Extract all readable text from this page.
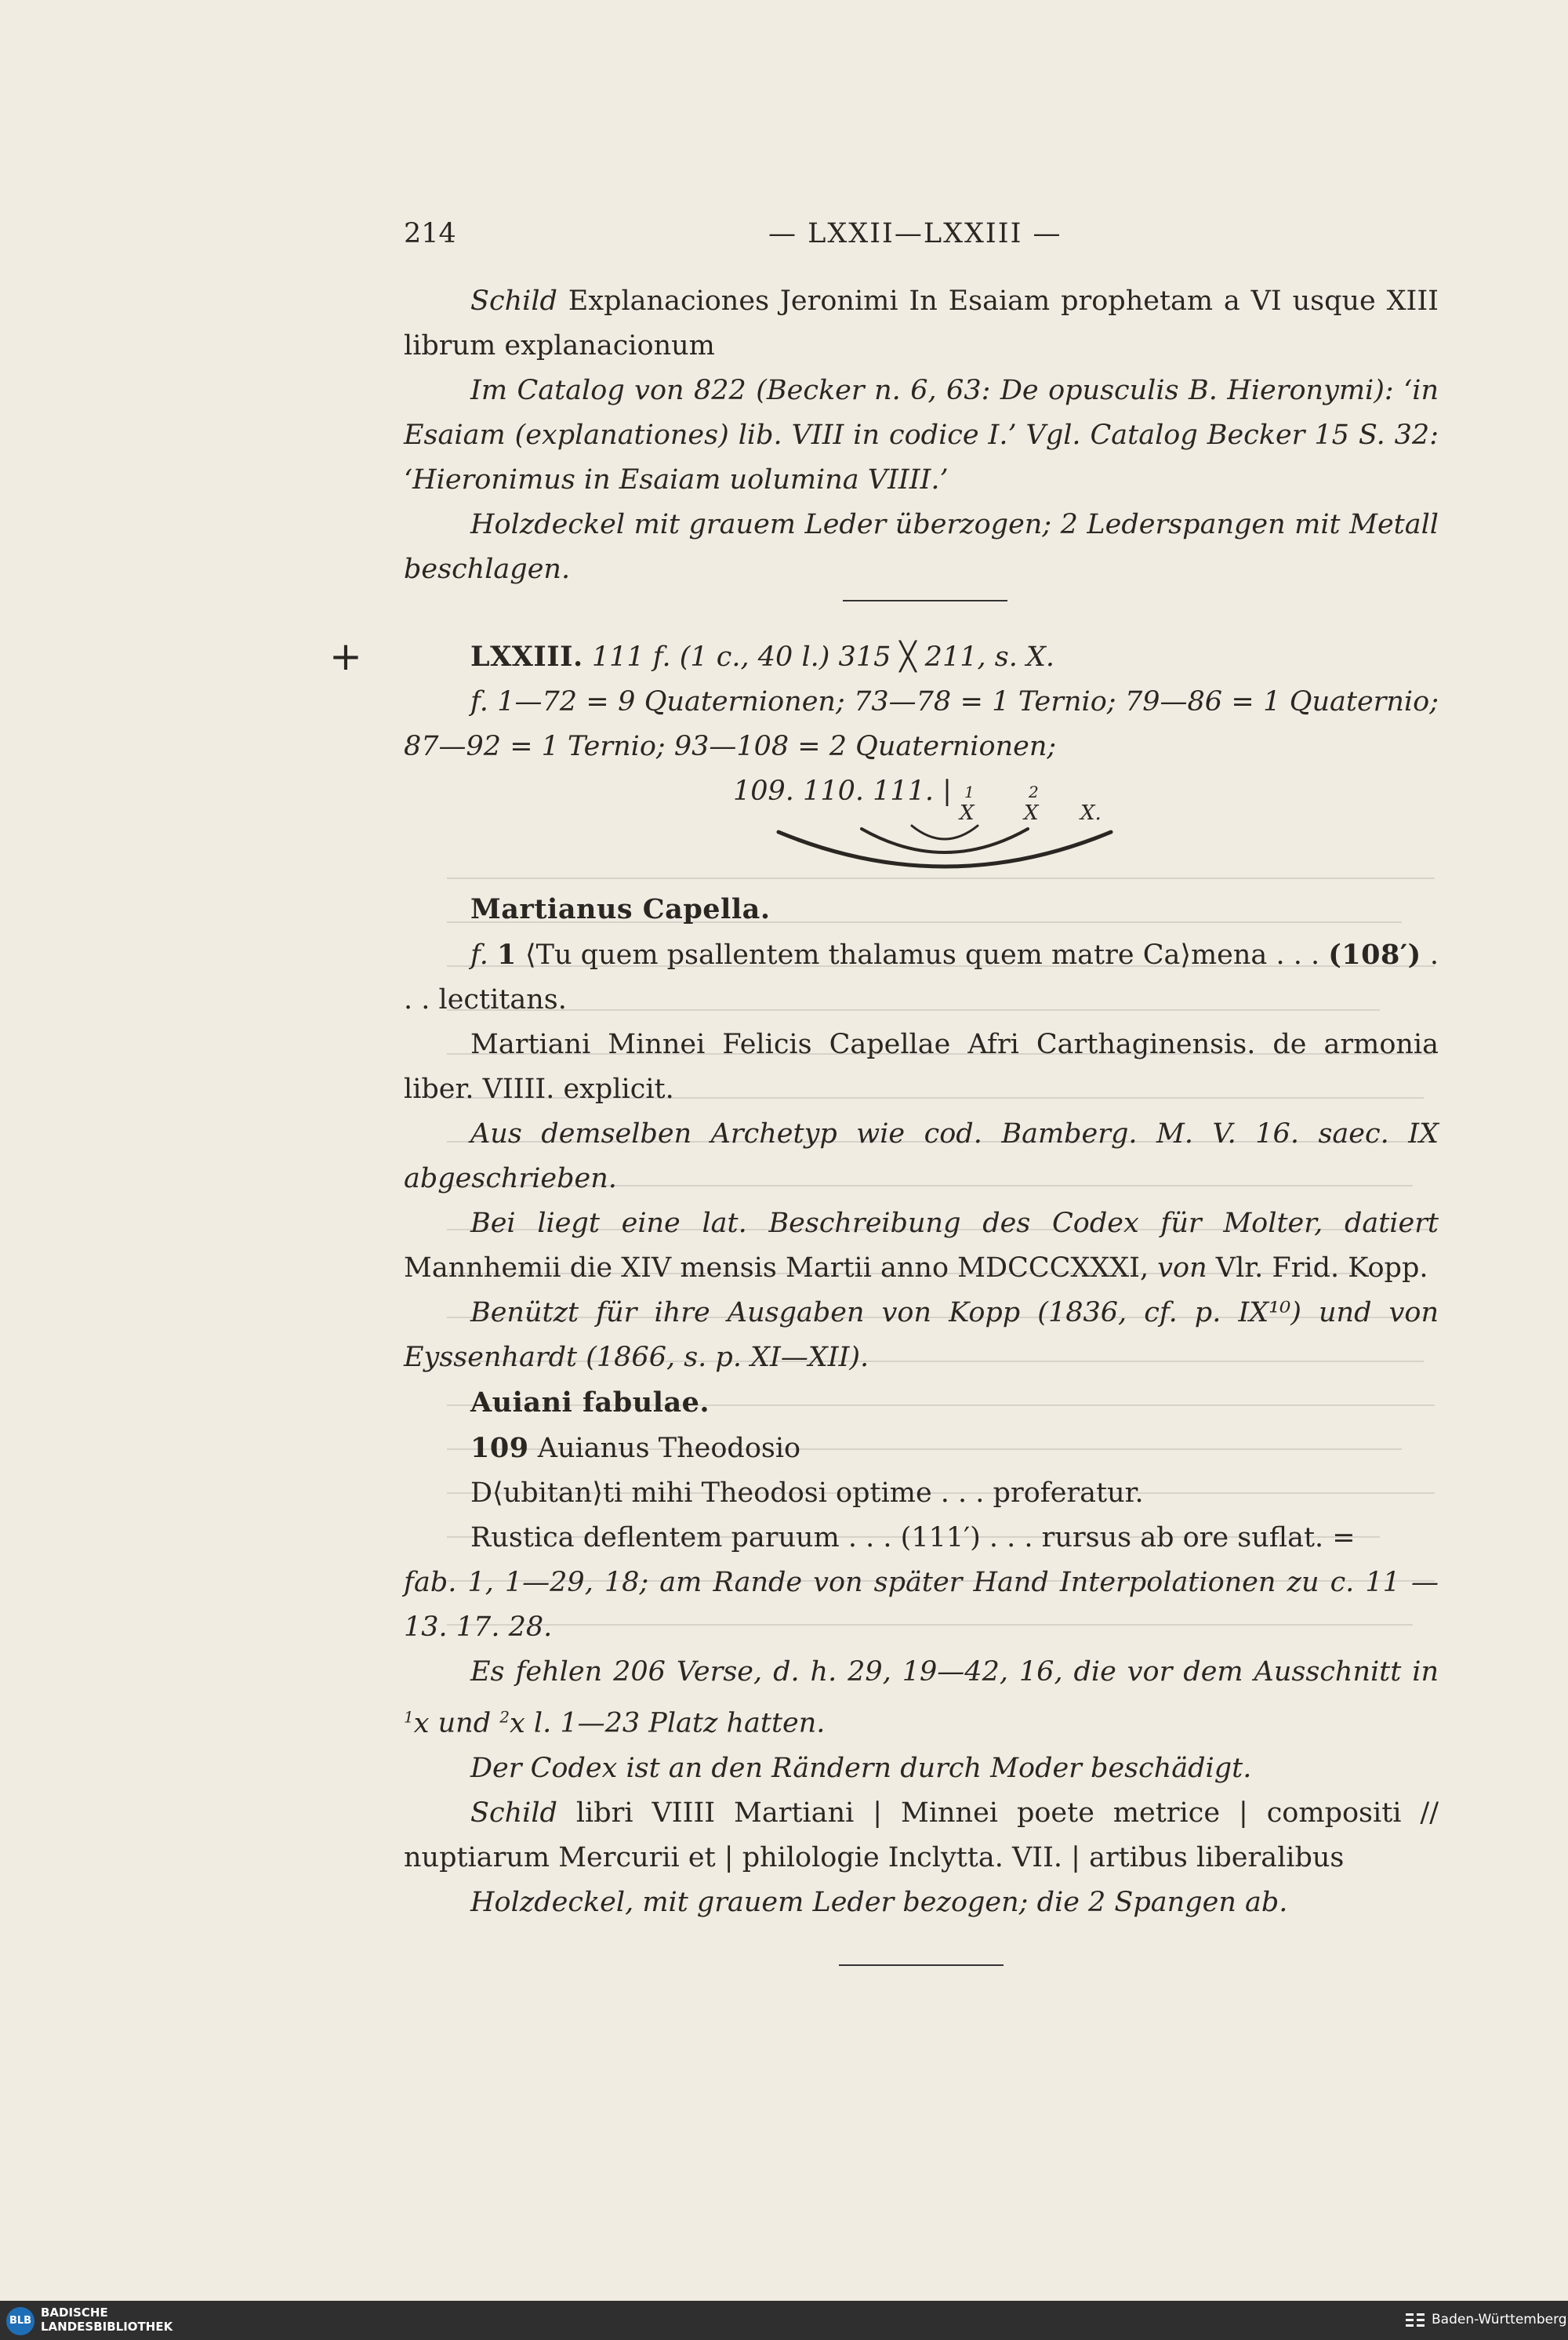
214	— LXXII—LXXIII —
+

Schild Explanaciones Jeronimi In Esaiam prophetam a VI usque XIII librum explanacionum

Im Catalog von 822 (Becker n. 6, 63: De opusculis B. Hieronymi): ‘in Esaiam (explanationes) lib. VIII in codice I.’ Vgl. Catalog Becker 15 S. 32: ‘Hieronimus in Esaiam uolumina VIIII.’

Holzdeckel mit grauem Leder überzogen; 2 Lederspangen mit Metall beschlagen.

LXXIII. 111 f. (1 c., 40 l.) 315 ╳ 211, s. X.

f. 1—72 = 9 Quaternionen; 73—78 = 1 Ternio; 79—86 = 1 Quaternio; 87—92 = 1 Ternio; 93—108 = 2 Quaternionen;

109. 110. 111. | 1
X
2
X X.

Martianus Capella.

f. 1 ⟨Tu quem psallentem thalamus quem matre Ca⟩mena . . . (108′) . . . lectitans.

Martiani Minnei Felicis Capellae Afri Carthaginensis. de armonia liber. VIIII. explicit.

Aus demselben Archetyp wie cod. Bamberg. M. V. 16. saec. IX abgeschrieben.

Bei liegt eine lat. Beschreibung des Codex für Molter, datiert Mannhemii die XIV mensis Martii anno MDCCCXXXI, von Vlr. Frid. Kopp.

Benützt für ihre Ausgaben von Kopp (1836, cf. p. IX¹⁰) und von Eyssenhardt (1866, s. p. XI—XII).

Auiani fabulae.

109 Auianus Theodosio

D⟨ubitan⟩ti mihi Theodosi optime . . . proferatur.

Rustica deflentem paruum . . . (111′) . . . rursus ab ore suflat. =

fab. 1, 1—29, 18; am Rande von später Hand Interpolationen zu c. 11 —13. 17. 28.

Es fehlen 206 Verse, d. h. 29, 19—42, 16, die vor dem Ausschnitt in $^1$x und $^2$x l. 1—23 Platz hatten.

Der Codex ist an den Rändern durch Moder beschädigt.

Schild libri VIIII Martiani | Minnei poete metrice | compositi // nuptiarum Mercurii et | philologie Inclytta. VII. | artibus liberalibus

Holzdeckel, mit grauem Leder bezogen; die 2 Spangen ab.

BLB
BADISCHE
LANDESBIBLIOTHEK	Baden-Württemberg
